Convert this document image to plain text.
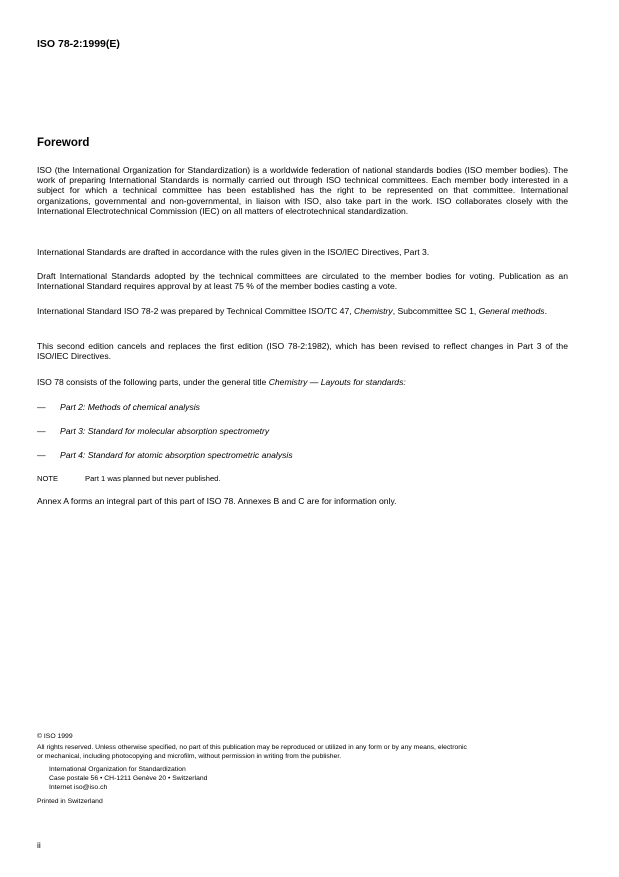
ISO 78-2:1999(E)
Foreword
ISO (the International Organization for Standardization) is a worldwide federation of national standards bodies (ISO member bodies). The work of preparing International Standards is normally carried out through ISO technical committees. Each member body interested in a subject for which a technical committee has been established has the right to be represented on that committee. International organizations, governmental and non-governmental, in liaison with ISO, also take part in the work. ISO collaborates closely with the International Electrotechnical Commission (IEC) on all matters of electrotechnical standardization.
International Standards are drafted in accordance with the rules given in the ISO/IEC Directives, Part 3.
Draft International Standards adopted by the technical committees are circulated to the member bodies for voting. Publication as an International Standard requires approval by at least 75 % of the member bodies casting a vote.
International Standard ISO 78-2 was prepared by Technical Committee ISO/TC 47, Chemistry, Subcommittee SC 1, General methods.
This second edition cancels and replaces the first edition (ISO 78-2:1982), which has been revised to reflect changes in Part 3 of the ISO/IEC Directives.
ISO 78 consists of the following parts, under the general title Chemistry — Layouts for standards:
— Part 2: Methods of chemical analysis
— Part 3: Standard for molecular absorption spectrometry
— Part 4: Standard for atomic absorption spectrometric analysis
NOTE	Part 1 was planned but never published.
Annex A forms an integral part of this part of ISO 78. Annexes B and C are for information only.
© ISO 1999
All rights reserved. Unless otherwise specified, no part of this publication may be reproduced or utilized in any form or by any means, electronic
or mechanical, including photocopying and microfilm, without permission in writing from the publisher.
International Organization for Standardization
Case postale 56 • CH-1211 Genève 20 • Switzerland
Internet iso@iso.ch
Printed in Switzerland
ii
